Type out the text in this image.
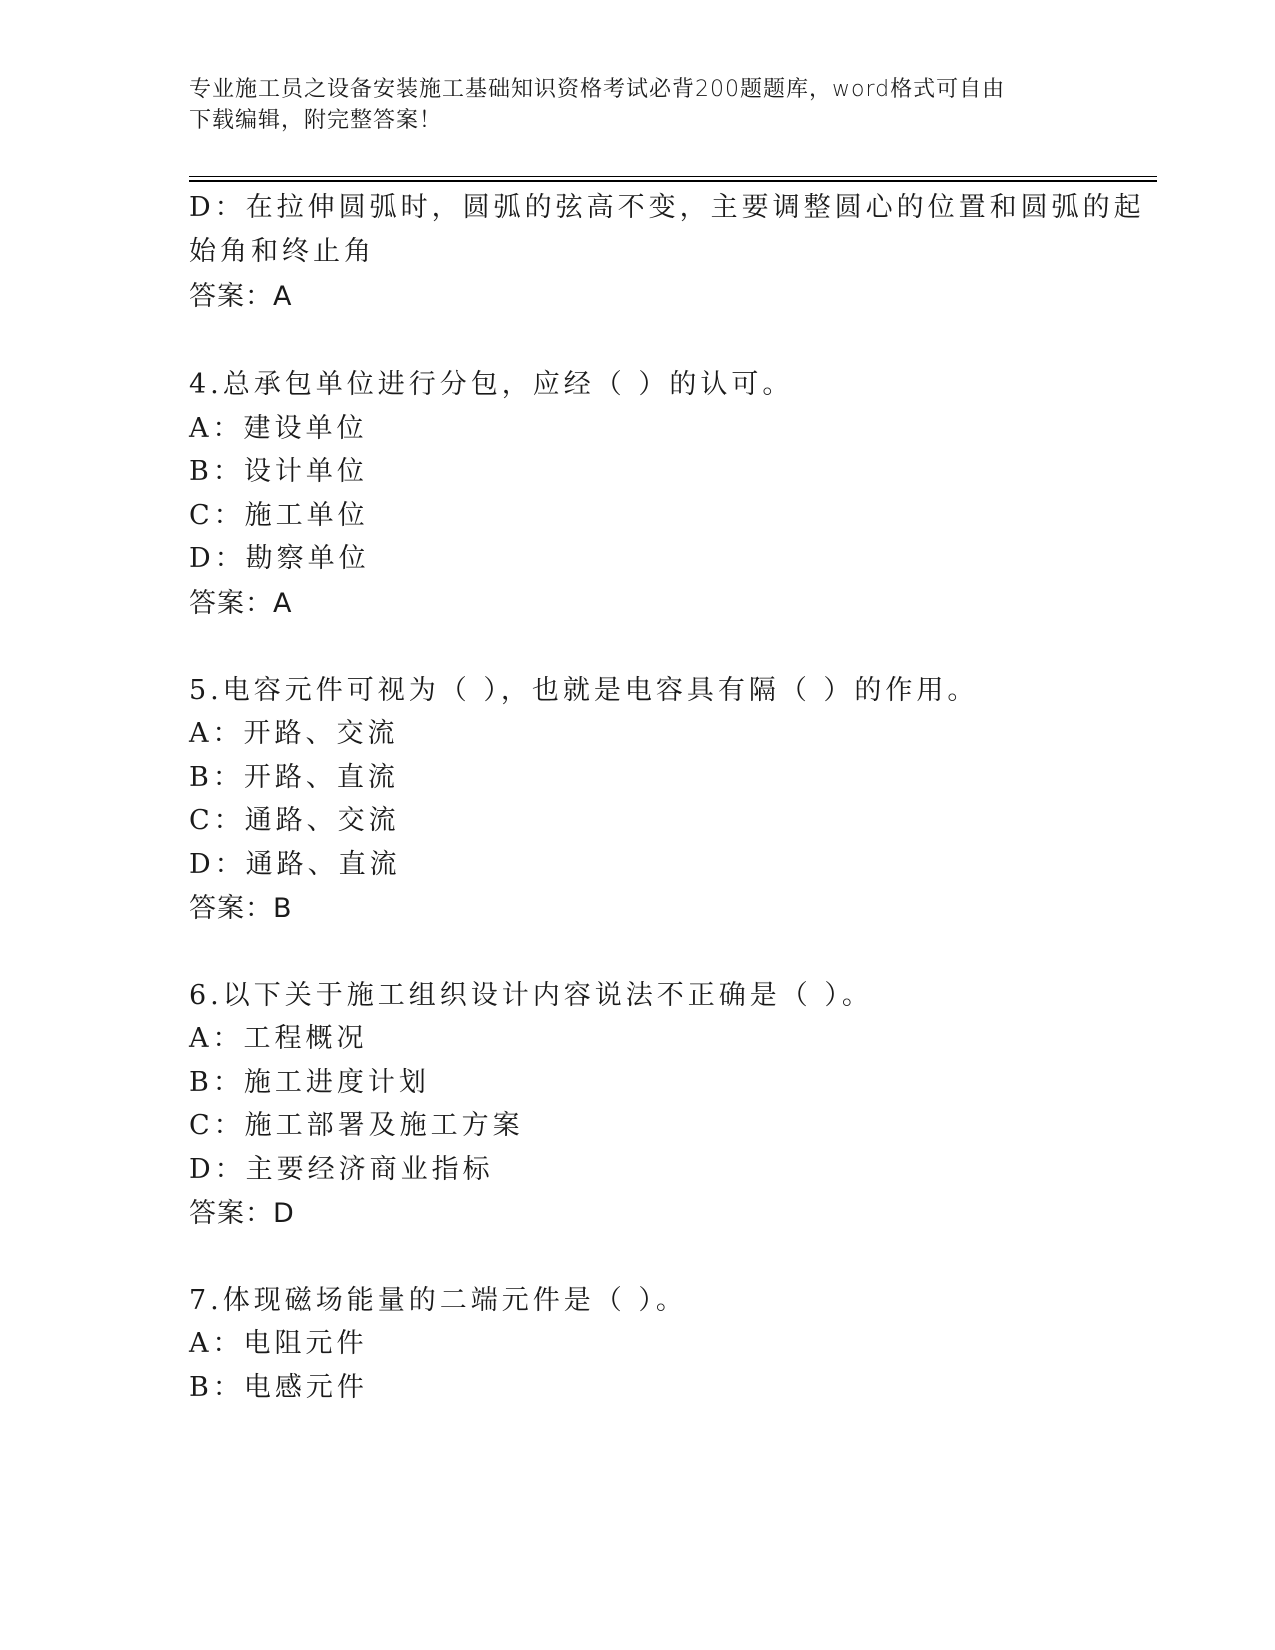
专业施工员之设备安装施工基础知识资格考试必背200题题库，word格式可自由
下载编辑，附完整答案！
D：在拉伸圆弧时，圆弧的弦高不变，主要调整圆心的位置和圆弧的起
始角和终止角
答案：A
4.总承包单位进行分包，应经（ ）的认可。
A：建设单位
B：设计单位
C：施工单位
D：勘察单位
答案：A
5.电容元件可视为（ ），也就是电容具有隔（ ）的作用。
A：开路、交流
B：开路、直流
C：通路、交流
D：通路、直流
答案：B
6.以下关于施工组织设计内容说法不正确是（ ）。
A：工程概况
B：施工进度计划
C：施工部署及施工方案
D：主要经济商业指标
答案：D
7.体现磁场能量的二端元件是（ ）。
A：电阻元件
B：电感元件
